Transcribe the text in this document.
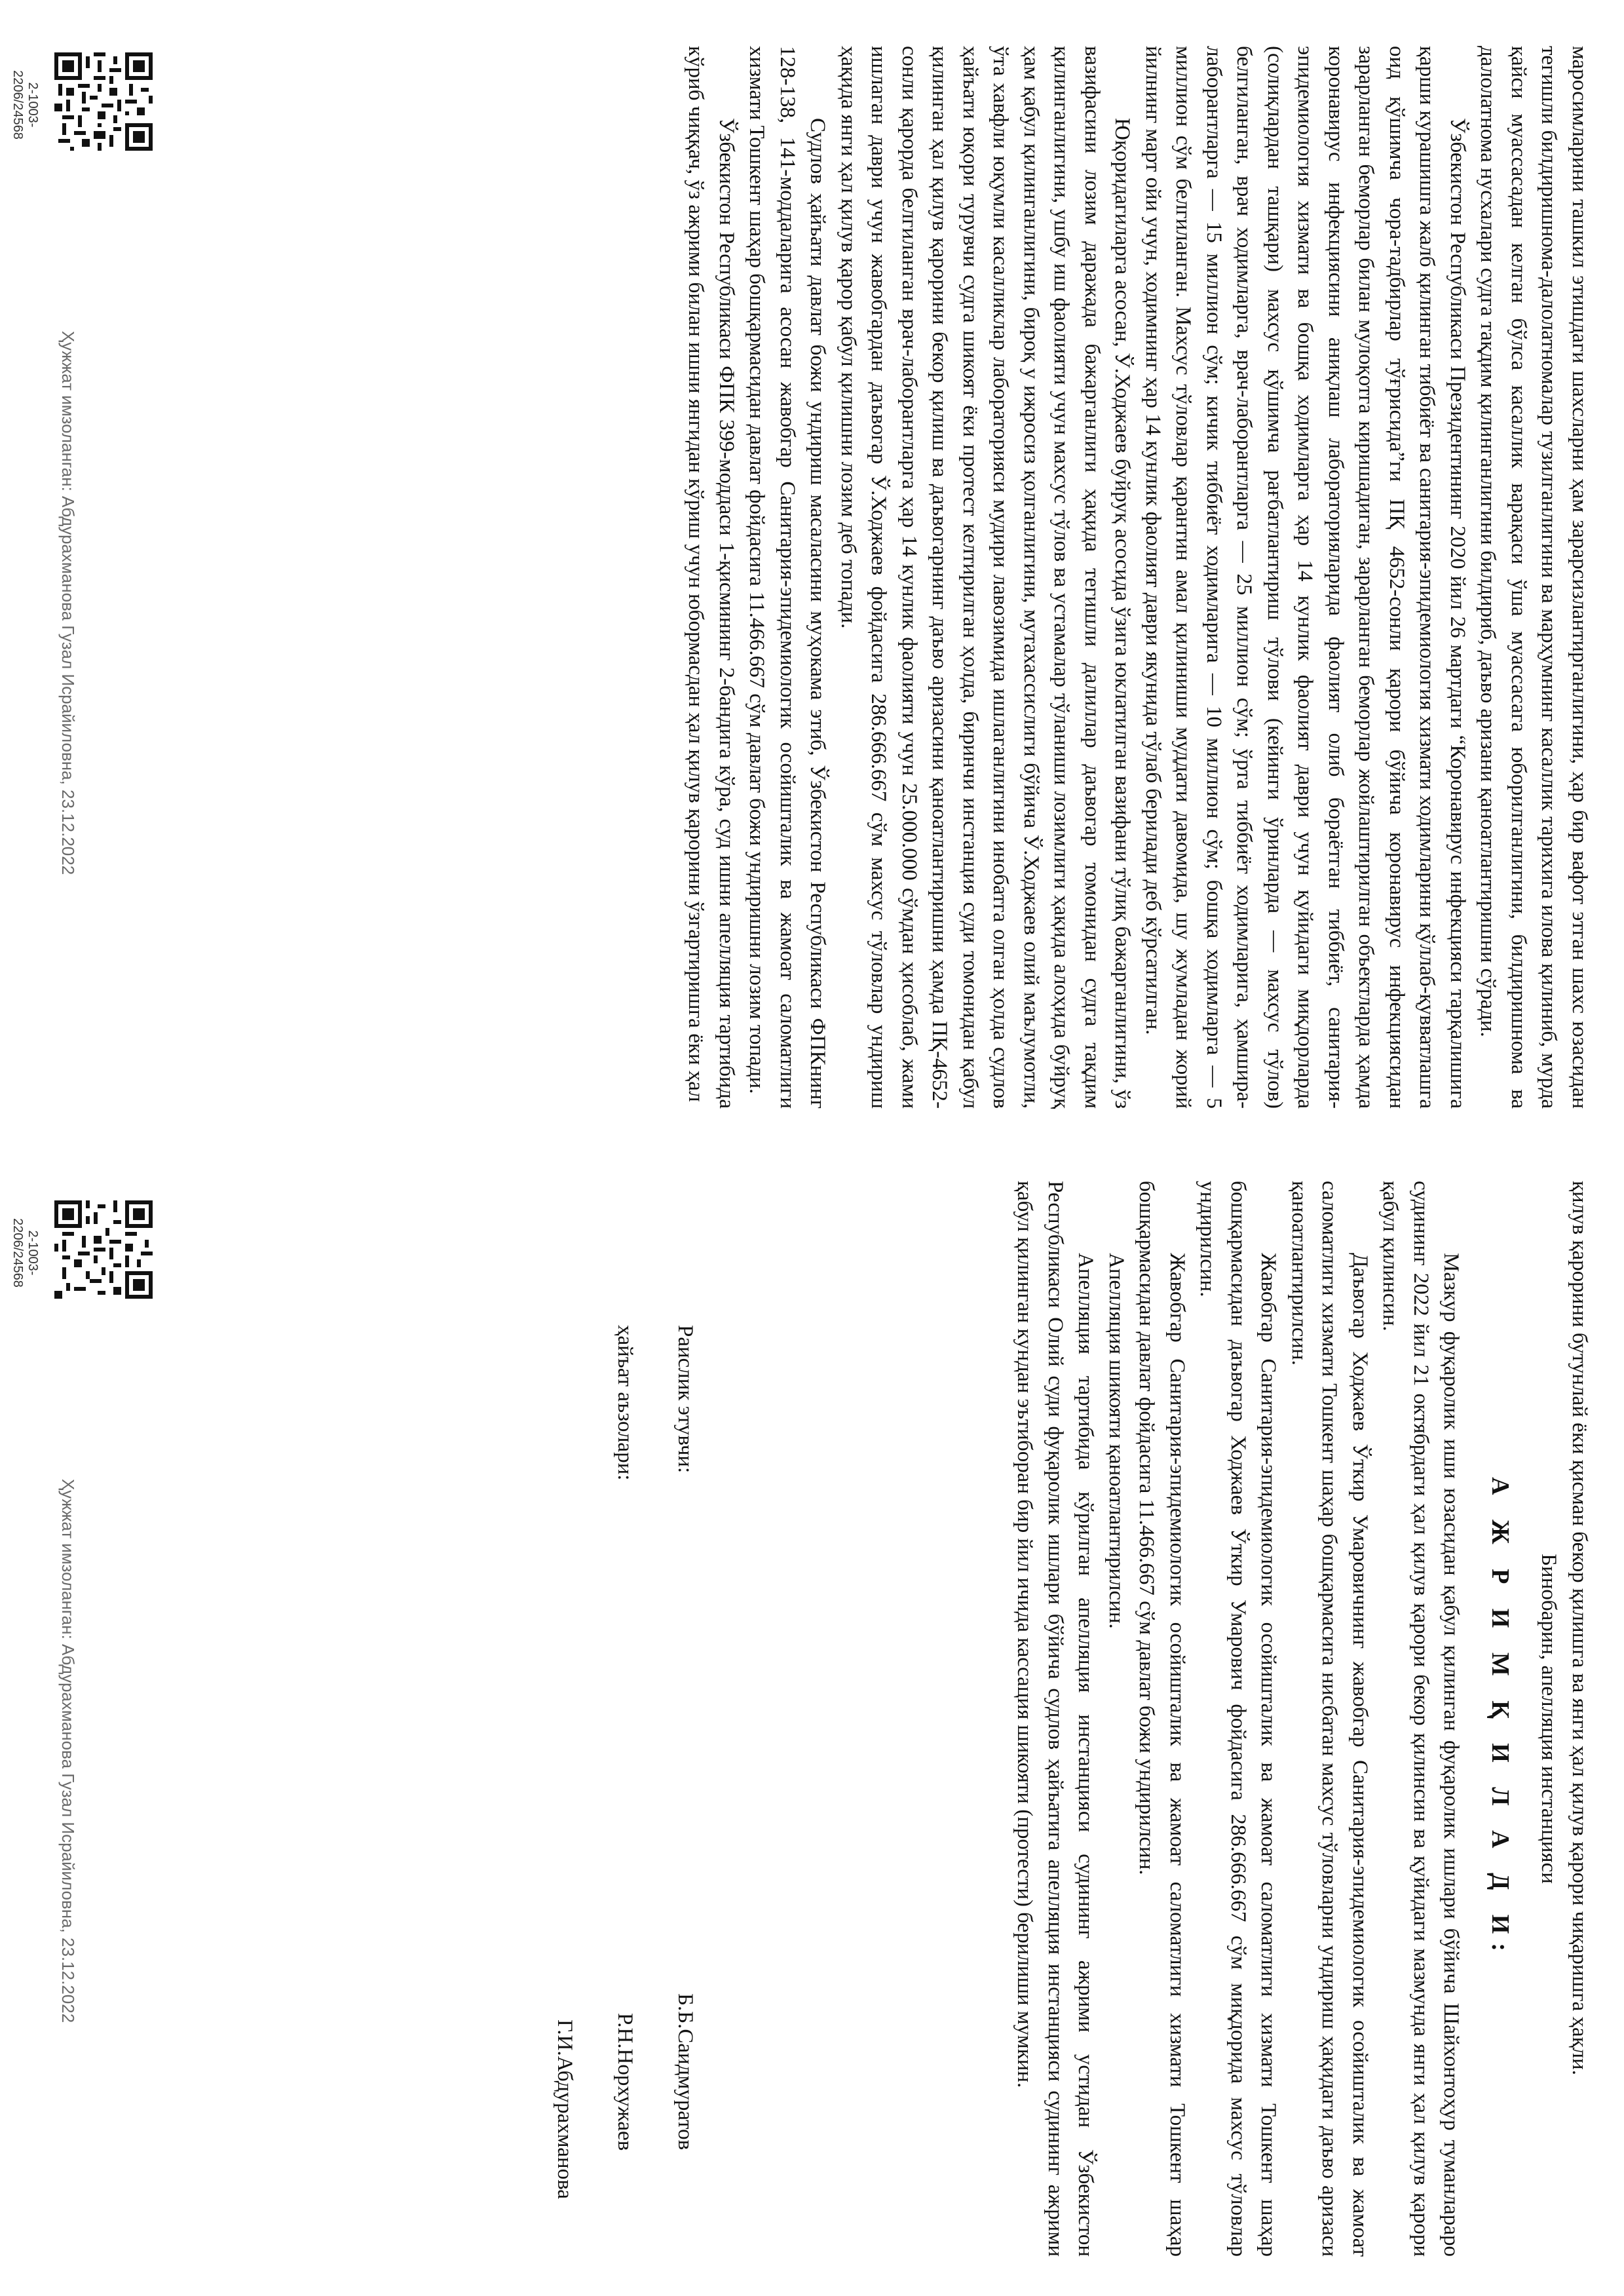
маросимларини ташкил этишдаги шахсларни ҳам зарарсизлантирганлигини, ҳар бир вафот этган шахс юзасидан тегишли билдиришнома-далолатномалар тузилганлигини ва марҳумнинг касаллик тарихига илова қилиниб, мурда қайси муассасадан келган бўлса касаллик варақаси ўша муассасага юборилганлигини, билдиришнома ва далолатнома нусхалари судга тақдим қилинганлигини билдириб, даъво аризани қаноатлантиришни сўради.

Ўзбекистон Республикаси Президентининг 2020 йил 26 мартдаги “Коронавирус инфекцияси тарқалишига қарши курашишга жалб қилинган тиббиёт ва санитария-эпидемиология хизмати ходимларини қўллаб-қувватлашга оид қўшимча чора-тадбирлар тўғрисида”ги ПҚ 4652-сонли қарори бўйича коронавирус инфекциясидан зарарланган беморлар билан мулоқотга киришадиган, зарарланган беморлар жойлаштирилган объектларда ҳамда коронавирус инфекциясини аниқлаш лабораторияларида фаолият олиб бораётган тиббиёт, санитария-эпидемиология хизмати ва бошқа ходимларга ҳар 14 кунлик фаолият даври учун қуйидаги миқдорларда (солиқлардан ташқари) махсус қўшимча рағбатлантириш тўлови (кейинги ўринларда — махсус тўлов) белгиланган, врач ходимларга, врач-лаборантларга — 25 миллион сўм; ўрта тиббиёт ходимларига, ҳамшира-лаборантларга — 15 миллион сўм; кичик тиббиёт ходимларига — 10 миллион сўм; бошқа ходимларга — 5 миллион сўм белгиланган. Махсус тўловлар қарантин амал қилиниши муддати давомида, шу жумладан жорий йилнинг март ойи учун, ходимнинг ҳар 14 кунлик фаолият даври якунида тўлаб берилади деб кўрсатилган.

Юқоридагиларга асосан, Ў.Ходжаев буйруқ асосида ўзига юклатилган вазифани тўлиқ бажарганлигини, ўз вазифасини лозим даражада бажарганлиги ҳақида тегишли далиллар даъвогар томонидан судга тақдим қилинганлигини, ушбу иш фаолияти учун махсус тўлов ва устамалар тўланиши лозимлиги ҳақида алоҳида буйруқ ҳам қабул қилинганлигини, бироқ у ижросиз қолганлигини, мутахассислиги бўйича Ў.Ходжаев олий маълумотли, ўта хавфли юқумли касалликлар лабораторияси мудири лавозимида ишлаганлигини инобатга олган ҳолда судлов ҳайъати юқори турувчи судга шикоят ёки протест келтирилган ҳолда, биринчи инстанция суди томонидан қабул қилинган ҳал қилув қарорини бекор қилиш ва даъвогарнинг даъво аризасини қаноатлантиришни ҳамда ПҚ-4652-сонли қарорда белгиланган врач-лаборантларга ҳар 14 кунлик фаолияти учун 25.000.000 сўмдан ҳисоблаб, жами ишлаган даври учун жавобгардан даъвогар Ў.Ходжаев фойдасига 286.666.667 сўм махсус тўловлар ундириш ҳақида янги ҳал қилув қарор қабул қилишни лозим деб топади.

Судлов ҳайъати давлат божи ундириш масаласини муҳокама этиб, Ўзбекистон Республикаси ФПКнинг 128-138, 141-моддаларига асосан жавобгар Санитария-эпидемиологик осойишталик ва жамоат саломатлиги хизмати Тошкент шаҳар бошқармасидан давлат фойдасига 11.466.667 сўм давлат божи ундиришни лозим топади.

Ўзбекистон Республикаси ФПК 399-моддаси 1-қисмининг 2-бандига кўра, суд ишни апелляция тартибида кўриб чиққач, ўз ажрими билан ишни янгидан кўриш учун юбормасдан ҳал қилув қарорини ўзгартиришга ёки ҳал

Ҳужжат имзоланган: Абдурахманова Гузал Исрайиловна, 23.12.2022
2-1003-2206/24568

қилув қарорини бутунлай ёки қисман бекор қилишга ва янги ҳал қилув қарори чиқаришга ҳақли.

Бинобарин, апелляция инстанцияси

А Ж Р И М Қ И Л А Д И:

Мазкур фуқаролик иши юзасидан қабул қилинган фуқаролик ишлари бўйича Шайхонтоҳур туманлараро судининг 2022 йил 21 октябрдаги ҳал қилув қарори бекор қилинсин ва қуйидаги мазмунда янги ҳал қилув қарори қабул қилинсин.

Даъвогар Ходжаев Ўткир Умаровичнинг жавобгар Санитария-эпидемиологик осойишталик ва жамоат саломатлиги хизмати Тошкент шаҳар бошқармасига нисбатан махсус тўловларни ундириш ҳақидаги даъво аризаси қаноатлантирилсин.

Жавобгар Санитария-эпидемиологик осойишталик ва жамоат саломатлиги хизмати Тошкент шаҳар бошқармасидан даъвогар Ходжаев Ўткир Умарович фойдасига 286.666.667 сўм миқдорида махсус тўловлар ундирилсин.

Жавобгар Санитария-эпидемиологик осойишталик ва жамоат саломатлиги хизмати Тошкент шаҳар бошқармасидан давлат фойдасига 11.466.667 сўм давлат божи ундирилсин.

Апелляция шикояти қаноатлантирилсин.

Апелляция тартибида кўрилган апелляция инстанцияси судининг ажрими устидан Ўзбекистон Республикаси Олий суди фуқаролик ишлари бўйича судлов ҳайъатига апелляция инстанцияси судининг ажрими қабул қилинган кундан эътиборан бир йил ичида кассация шикояти (протести) берилиши мумкин.

Раислик этувчи:
Б.Б.Саидмуратов
ҳайъат аъзолари:
Р.Н.Норхужаев
Г.И.Абдурахманова
Ҳужжат имзоланган: Абдурахманова Гузал Исрайиловна, 23.12.2022
2-1003-2206/24568
